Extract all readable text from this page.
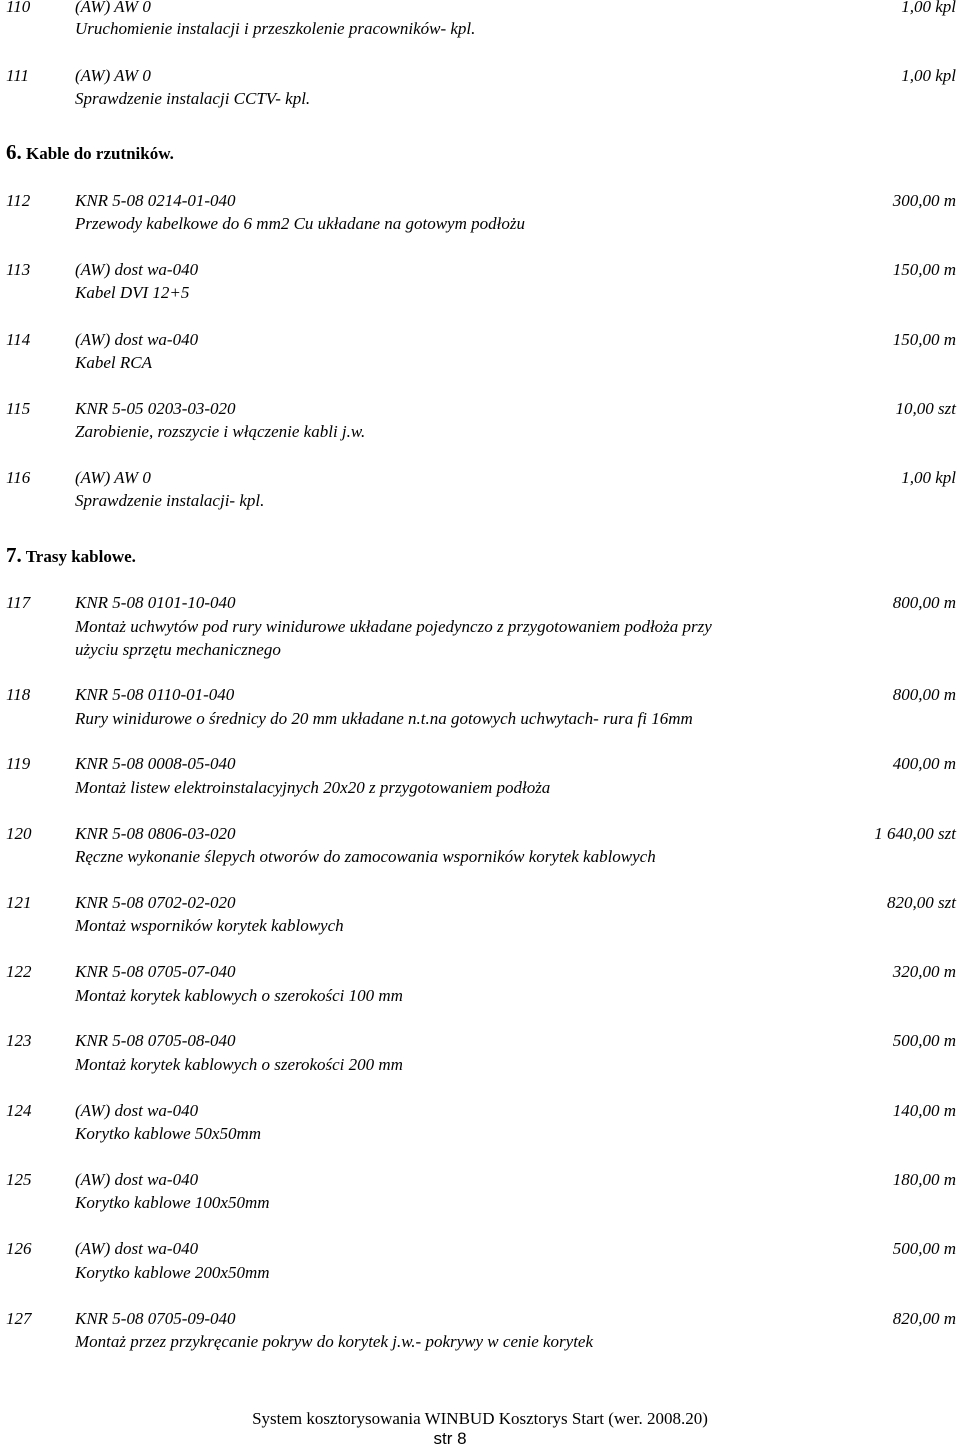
110	(AW) AW 0	1,00 kpl
Uruchomienie instalacji i przeszkolenie pracowników- kpl.
111	(AW) AW 0	1,00 kpl
Sprawdzenie instalacji CCTV- kpl.
6. Kable do rzutników.
112	KNR 5-08 0214-01-040	300,00 m
Przewody kabelkowe do 6 mm2 Cu układane na gotowym podłożu
113	(AW) dost wa-040	150,00 m
Kabel DVI 12+5
114	(AW) dost wa-040	150,00 m
Kabel RCA
115	KNR 5-05 0203-03-020	10,00 szt
Zarobienie, rozszycie i włączenie kabli j.w.
116	(AW) AW 0	1,00 kpl
Sprawdzenie instalacji- kpl.
7. Trasy kablowe.
117	KNR 5-08 0101-10-040	800,00 m
Montaż uchwytów pod rury winidurowe układane pojedynczo z przygotowaniem podłoża przy
użyciu sprzętu mechanicznego
118	KNR 5-08 0110-01-040	800,00 m
Rury winidurowe o średnicy do 20 mm układane n.t.na gotowych uchwytach- rura fi 16mm
119	KNR 5-08 0008-05-040	400,00 m
Montaż listew elektroinstalacyjnych 20x20 z przygotowaniem podłoża
120	KNR 5-08 0806-03-020	1 640,00 szt
Ręczne wykonanie ślepych otworów do zamocowania wsporników korytek kablowych
121	KNR 5-08 0702-02-020	820,00 szt
Montaż wsporników korytek kablowych
122	KNR 5-08 0705-07-040	320,00 m
Montaż korytek kablowych o szerokości 100 mm
123	KNR 5-08 0705-08-040	500,00 m
Montaż korytek kablowych o szerokości 200 mm
124	(AW) dost wa-040	140,00 m
Korytko kablowe 50x50mm
125	(AW) dost wa-040	180,00 m
Korytko kablowe 100x50mm
126	(AW) dost wa-040	500,00 m
Korytko kablowe 200x50mm
127	KNR 5-08 0705-09-040	820,00 m
Montaż przez przykręcanie pokryw do korytek j.w.- pokrywy w cenie korytek
System kosztorysowania WINBUD Kosztorys Start (wer. 2008.20)
str 8
